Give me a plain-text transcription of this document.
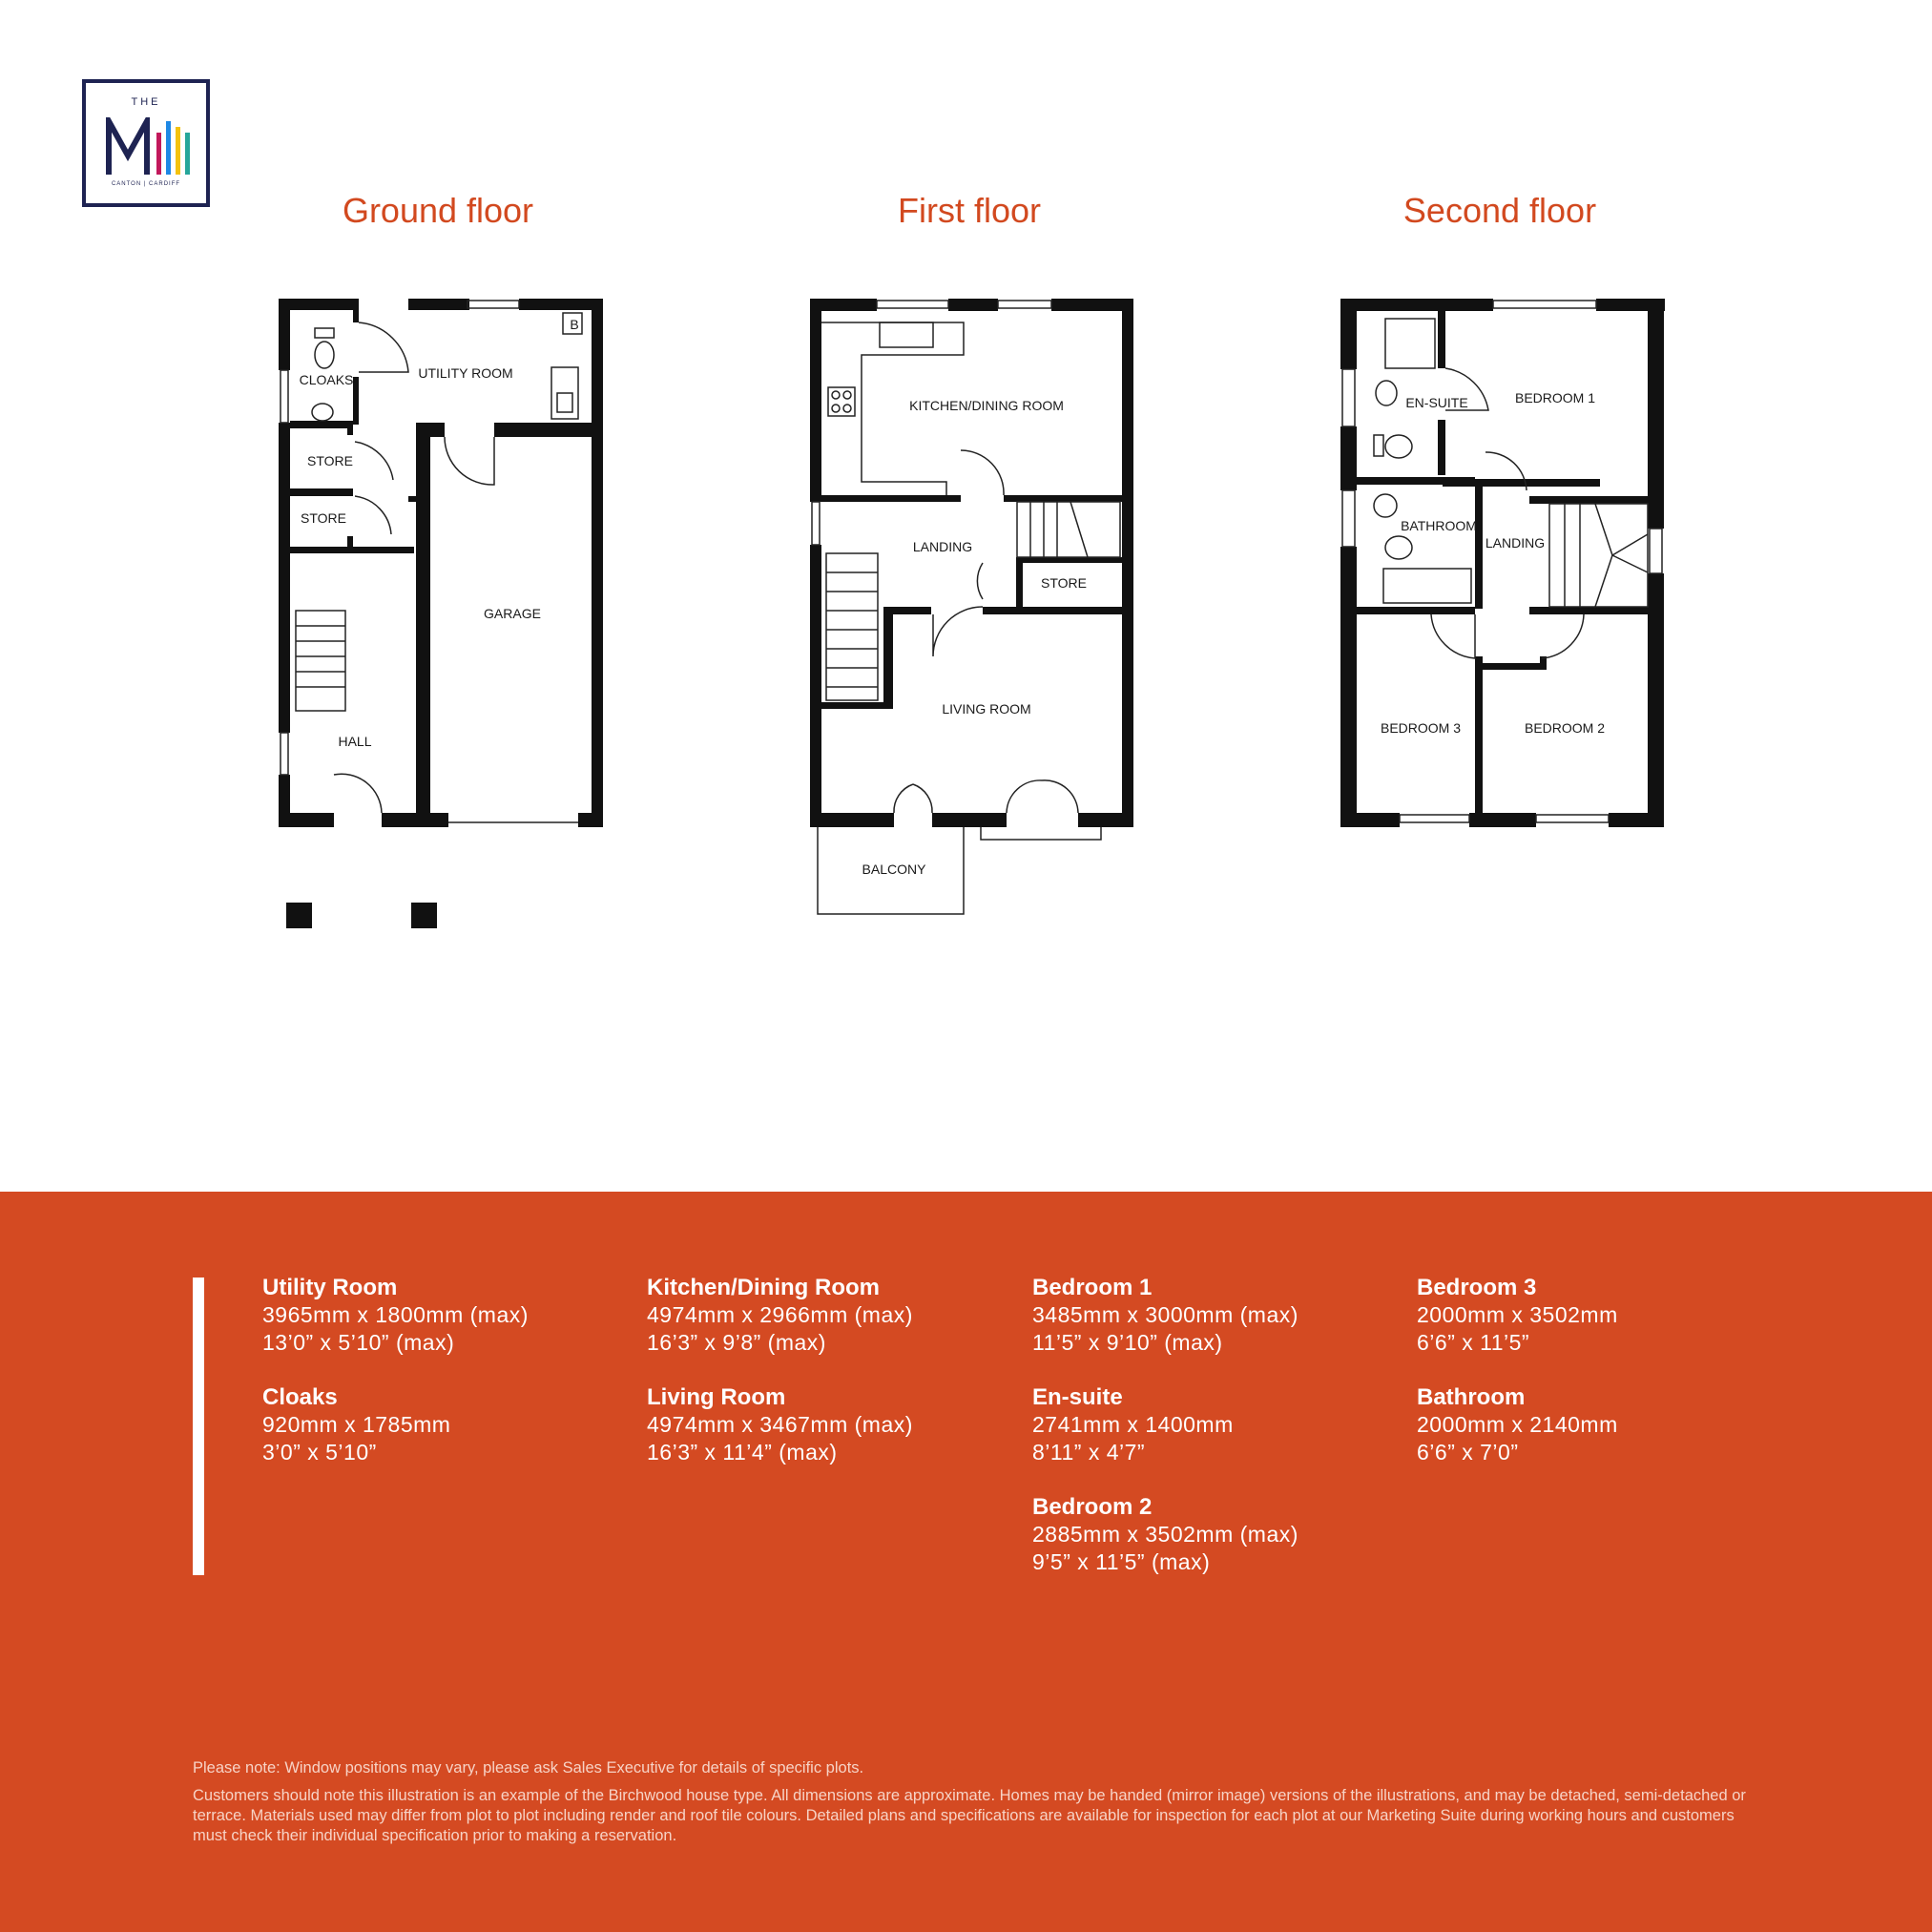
THE
CANTON | CARDIFF
Ground floor	First floor	Second floor
CLOAKS	UTILITY ROOM
STORE
STORE
GARAGE
HALL
B
KITCHEN/DINING ROOM
LANDING
STORE
LIVING ROOM
BALCONY
EN-SUITE	BEDROOM 1
BATHROOM
LANDING
BEDROOM 3	BEDROOM 2
Utility Room
3965mm x 1800mm (max)
13’0” x 5’10” (max)
Cloaks
920mm x 1785mm
3’0” x 5’10”
Kitchen/Dining Room
4974mm x 2966mm (max)
16’3” x 9’8” (max)
Living Room
4974mm x 3467mm (max)
16’3” x 11’4” (max)
Bedroom 1
3485mm x 3000mm (max)
11’5” x 9’10” (max)
En-suite
2741mm x 1400mm
8’11” x 4’7”
Bedroom 2
2885mm x 3502mm (max)
9’5” x 11’5” (max)
Bedroom 3
2000mm x 3502mm
6’6” x 11’5”
Bathroom
2000mm x 2140mm
6’6” x 7’0”

Please note: Window positions may vary, please ask Sales Executive for details of specific plots.

Customers should note this illustration is an example of the Birchwood house type. All dimensions are approximate. Homes may be handed (mirror image) versions of the illustrations, and may be detached, semi-detached or terrace. Materials used may differ from plot to plot including render and roof tile colours. Detailed plans and specifications are available for inspection for each plot at our Marketing Suite during working hours and customers must check their individual specification prior to making a reservation.
